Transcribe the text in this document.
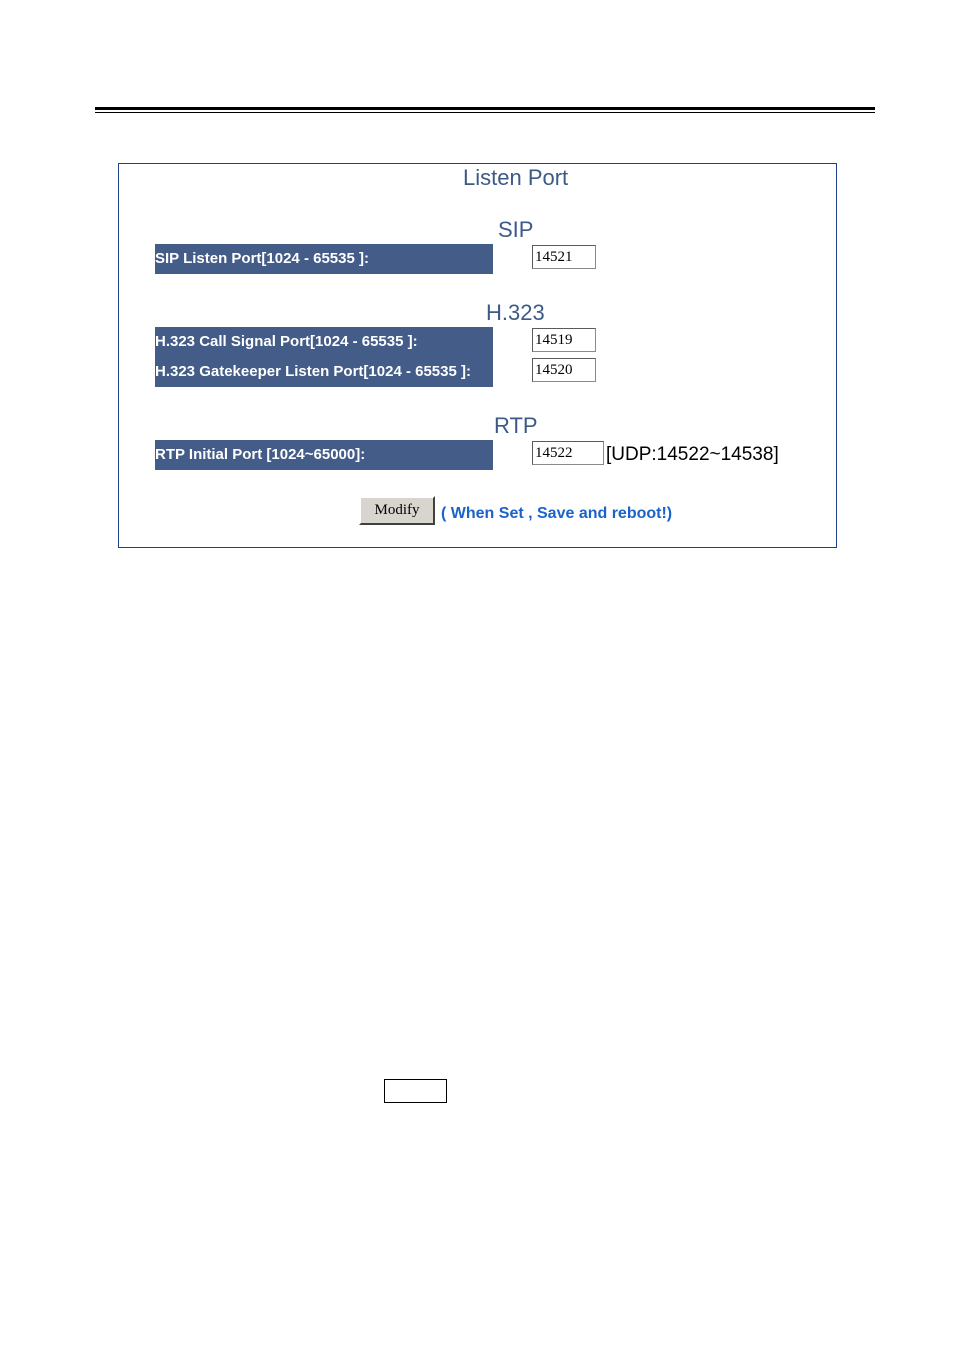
Listen Port
SIP
SIP Listen Port[1024 - 65535 ]:
14521
H.323
H.323 Call Signal Port[1024 - 65535 ]:
H.323 Gatekeeper Listen Port[1024 - 65535 ]:
14519
14520
RTP
RTP Initial Port [1024~65000]:
14522	[UDP:14522~14538]
Modify	( When Set , Save and reboot!)
